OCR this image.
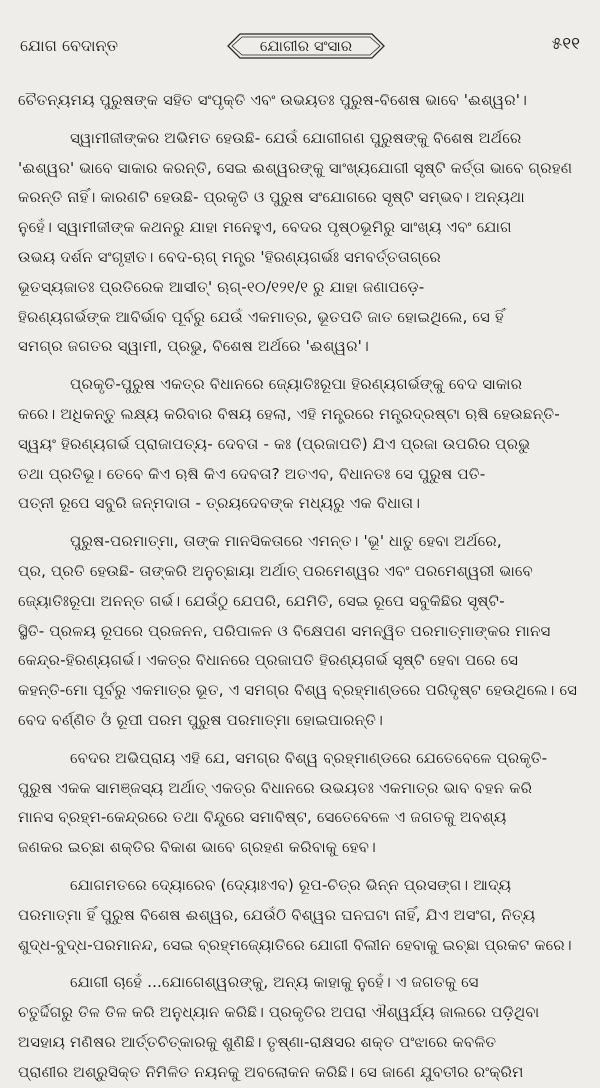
ଯୋଗ ବେଦାନ୍ତ	ଯୋଗୀର ସଂସାର	୫୧୧

ଚୈତନ୍ୟମୟ ପୁରୁଷଙ୍କ ସହିତ ସଂପୃକ୍ତି ଏବଂ ଉଭୟତଃ ପୁରୁଷ-ବିଶେଷ ଭାବେ 'ଈଶ୍ୱର'।

ସ୍ୱାମୀଜୀଙ୍କର ଅଭିମତ ହେଉଛି- ଯେଉଁ ଯୋଗୀଗଣ ପୁରୁଷଙ୍କୁ ବିଶେଷ ଅର୍ଥରେ

'ଈଶ୍ୱର' ଭାବେ ସାକାର କରନ୍ତି, ସେଇ ଈଶ୍ୱରଙ୍କୁ ସାଂଖ୍ୟଯୋଗୀ ସୃଷ୍ଟି କର୍ତ୍ତା ଭାବେ ଗ୍ରହଣ

କରନ୍ତି ନାହିଁ। କାରଣଟି ହେଉଛି- ପ୍ରକୃତି ଓ ପୁରୁଷ ସଂଯୋଗରେ ସୃଷ୍ଟି ସମ୍ଭବ। ଅନ୍ୟଥା

ନୁହେଁ। ସ୍ୱାମୀଜୀଙ୍କ କଥନରୁ ଯାହା ମନେହୁଏ, ବେଦର ପୃଷ୍ଠଭୂମିରୁ ସାଂଖ୍ୟ ଏବଂ ଯୋଗ

ଉଭୟ ଦର୍ଶନ ସଂଗୃହୀତ। ବେଦ-ଋଗ୍ ମନ୍ତ୍ର 'ହିରଣ୍ୟଗର୍ଭଃ ସମବର୍ତ୍ତତାଗ୍ରେ

ଭୂତସ୍ୟଜାତଃ ପ୍ରତିରେକ ଆସୀତ୍' ଋଗ୍-୧୦/୧୨୧/୧ ରୁ ଯାହା ଜଣାପଡ଼େ-

ହିରଣ୍ୟଗର୍ଭଙ୍କ ଆବିର୍ଭାବ ପୂର୍ବରୁ ଯେଉଁ ଏକମାତ୍ର, ଭୂତପତି ଜାତ ହୋଇଥିଲେ, ସେ ହିଁ

ସମଗ୍ର ଜଗତର ସ୍ୱାମୀ, ପ୍ରଭୁ, ବିଶେଷ ଅର୍ଥରେ 'ଈଶ୍ୱର'।

ପ୍ରକୃତି-ପୁରୁଷ ଏକତ୍ର ବିଧାନରେ ଜ୍ୟୋତିଃରୂପା ହିରଣ୍ୟଗର୍ଭଙ୍କୁ ବେଦ ସାକାର

କରେ। ଅଧିକନ୍ତୁ ଲକ୍ଷ୍ୟ କରିବାର ବିଷୟ ହେଲା, ଏହି ମନ୍ତ୍ରରେ ମନ୍ତ୍ରଦ୍ରଷ୍ଟା ଋଷି ହେଉଛନ୍ତି-

ସ୍ୱୟଂ ହିରଣ୍ୟଗର୍ଭ ପ୍ରାଜାପତ୍ୟ- ଦେବତା - କଃ (ପ୍ରଜାପତି) ଯିଏ ପ୍ରଜା ଉପରିର ପ୍ରଭୁ

ତଥା ପ୍ରତିଭୂ। ତେବେ କିଏ ଋଷି କିଏ ଦେବତା? ଅତଏବ, ବିଧାନତଃ ସେ ପୁରୁଷ ପତି-

ପତ୍ନୀ ରୂପେ ସବୁରି ଜନ୍ମଦାତା - ତ୍ରୟଦେବଙ୍କ ମଧ୍ୟରୁ ଏକ ବିଧାତା।

ପୁରୁଷ-ପରମାତ୍ମା, ତାଙ୍କ ମାନସିକତାରେ ଏମନ୍ତ। 'ଭୂ' ଧାତୁ ହେବା ଅର୍ଥରେ,

ପ୍ର, ପ୍ରତି ହେଉଛି- ତାଙ୍କରି ଅନୁଚ୍ଛାୟା ଅର୍ଥାତ୍ ପରମେଶ୍ୱର ଏବଂ ପରମେଶ୍ୱରୀ ଭାବେ

ଜ୍ୟୋତିଃରୂପା ଅନନ୍ତ ଗର୍ଭ। ଯେଉଁଠୁ ଯେପରି, ଯେମିତି, ସେଇ ରୂପେ ସବୁକିଛିର ସୃଷ୍ଟି-

ସ୍ଥିତି- ପ୍ରଳୟ ରୂପରେ ପ୍ରଜନନ, ପରିପାଳନ ଓ ବିକ୍ଷେପଣ ସମନ୍ୱିତ ପରମାତ୍ମାଙ୍କର ମାନସ

କେନ୍ଦ୍ର-ହିରଣ୍ୟଗର୍ଭ। ଏକତ୍ର ବିଧାନରେ ପ୍ରଜାପତି ହିରଣ୍ୟଗର୍ଭ ସୃଷ୍ଟି ହେବା ପରେ ସେ

କହନ୍ତି-ମୋ ପୂର୍ବରୁ ଏକମାତ୍ର ଭୂତ, ଏ ସମଗ୍ର ବିଶ୍ୱ ବ୍ରହ୍ମାଣ୍ଡରେ ପରିଦୃଷ୍ଟ ହେଉଥିଲେ। ସେ

ବେଦ ବର୍ଣ୍ଣିତ ଓଁ ରୂପୀ ପରମ ପୁରୁଷ ପରମାତ୍ମା ହୋଇପାରନ୍ତି।

ବେଦର ଅଭିପ୍ରାୟ ଏହି ଯେ, ସମଗ୍ର ବିଶ୍ୱ ବ୍ରହ୍ମାଣ୍ଡରେ ଯେତେବେଳେ ପ୍ରକୃତି-

ପୁରୁଷ ଏକକ ସାମଞ୍ଜସ୍ୟ ଅର୍ଥାତ୍ ଏକତ୍ର ବିଧାନରେ ଉଭୟତଃ ଏକମାତ୍ର ଭାବ ବହନ କରି

ମାନସ ବ୍ରହ୍ମ-କେନ୍ଦ୍ରରେ ତଥା ବିନ୍ଦୁରେ ସମାବିଷ୍ଟ, ସେତେବେଳେ ଏ ଜଗତକୁ ଅବଶ୍ୟ

ଜଣକର ଇଚ୍ଛା ଶକ୍ତିର ବିକାଶ ଭାବେ ଗ୍ରହଣ କରିବାକୁ ହେବ।

ଯୋଗମତରେ ଦ୍ୟୋରେବ (ଦ୍ୟୋଃଏବ) ରୂପ-ଚିତ୍ର ଭିନ୍ନ ପ୍ରସଙ୍ଗ। ଆଦ୍ୟ

ପରମାତ୍ମା ହିଁ ପୁରୁଷ ବିଶେଷ ଈଶ୍ୱର, ଯେଉଁଠି ବିଶ୍ୱର ଘନଘଟା ନାହିଁ, ଯିଏ ଅସଂଗ, ନିତ୍ୟ

ଶୁଦ୍ଧ-ବୁଦ୍ଧ-ପରମାନନ୍ଦ, ସେଇ ବ୍ରହ୍ମଜ୍ୟୋତିରେ ଯୋଗୀ ବିଲୀନ ହେବାକୁ ଇଚ୍ଛା ପ୍ରକଟ କରେ।

ଯୋଗୀ ଚାହେଁ ...ଯୋଗେଶ୍ୱରଙ୍କୁ, ଅନ୍ୟ କାହାକୁ ନୁହେଁ। ଏ ଜଗତକୁ ସେ

ଚତୁର୍ଦ୍ଦିଗରୁ ତିଳ ତିଳ କରି ଅନୁଧ୍ୟାନ କରିଛି। ପ୍ରକୃତିର ଅପରା ଐଶ୍ୱର୍ଯ୍ୟ ଜାଲରେ ପଡ଼ିଥିବା

ଅସହାୟ ମଣିଷର ଆର୍ତ୍ତଚିତ୍କାରକୁ ଶୁଣିଛି। ତୃଷ୍ଣା-ରାକ୍ଷସର ଶକ୍ତ ପଂଝାରେ କବଳିତ

ପ୍ରାଣୀର ଅଶ୍ରୁସିକ୍ତ ନିମିଳିତ ନୟନକୁ ଅବଲୋକନ କରିଛି। ସେ ଜାଣେ ଯୁବତୀର ରଂକ୍ରିମ
